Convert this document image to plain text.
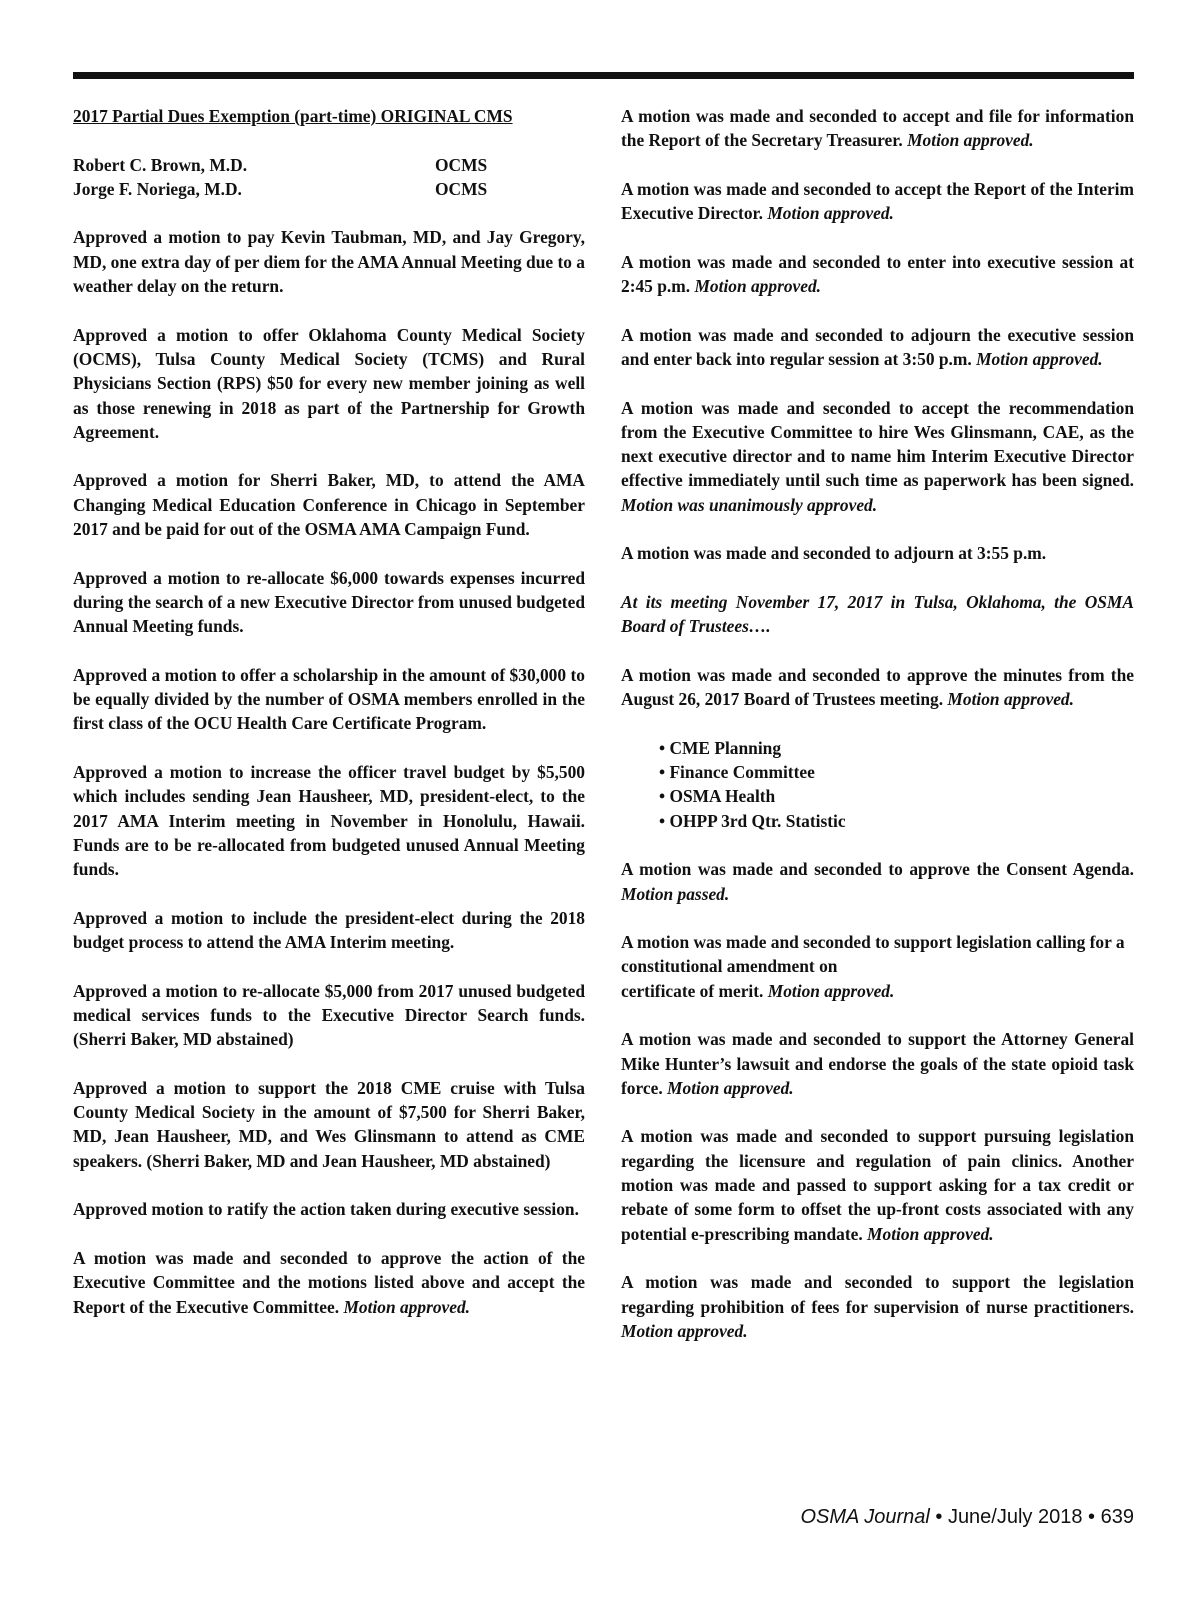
2017 Partial Dues Exemption (part-time) ORIGINAL CMS

Robert C. Brown, M.D.	OCMS
Jorge F. Noriega, M.D.	OCMS

Approved a motion to pay Kevin Taubman, MD, and Jay Gregory, MD, one extra day of per diem for the AMA Annual Meeting due to a weather delay on the return.

Approved a motion to offer Oklahoma County Medical Society (OCMS), Tulsa County Medical Society (TCMS) and Rural Physicians Section (RPS) $50 for every new member joining as well as those renewing in 2018 as part of the Partnership for Growth Agreement.

Approved a motion for Sherri Baker, MD, to attend the AMA Changing Medical Education Conference in Chicago in September 2017 and be paid for out of the OSMA AMA Campaign Fund.

Approved a motion to re-allocate $6,000 towards expenses incurred during the search of a new Executive Director from unused budgeted Annual Meeting funds.

Approved a motion to offer a scholarship in the amount of $30,000 to be equally divided by the number of OSMA members enrolled in the first class of the OCU Health Care Certificate Program.

Approved a motion to increase the officer travel budget by $5,500 which includes sending Jean Hausheer, MD, president-elect, to the 2017 AMA Interim meeting in November in Honolulu, Hawaii. Funds are to be re-allocated from budgeted unused Annual Meeting funds.

Approved a motion to include the president-elect during the 2018 budget process to attend the AMA Interim meeting.

Approved a motion to re-allocate $5,000 from 2017 unused budgeted medical services funds to the Executive Director Search funds. (Sherri Baker, MD abstained)

Approved a motion to support the 2018 CME cruise with Tulsa County Medical Society in the amount of $7,500 for Sherri Baker, MD, Jean Hausheer, MD, and Wes Glinsmann to attend as CME speakers. (Sherri Baker, MD and Jean Hausheer, MD abstained)

Approved motion to ratify the action taken during executive session.

A motion was made and seconded to approve the action of the Executive Committee and the motions listed above and accept the Report of the Executive Committee. Motion approved.

A motion was made and seconded to accept and file for information the Report of the Secretary Treasurer. Motion approved.

A motion was made and seconded to accept the Report of the Interim Executive Director. Motion approved.

A motion was made and seconded to enter into executive session at 2:45 p.m. Motion approved.

A motion was made and seconded to adjourn the executive session and enter back into regular session at 3:50 p.m. Motion approved.

A motion was made and seconded to accept the recommendation from the Executive Committee to hire Wes Glinsmann, CAE, as the next executive director and to name him Interim Executive Director effective immediately until such time as paperwork has been signed. Motion was unanimously approved.

A motion was made and seconded to adjourn at 3:55 p.m.

At its meeting November 17, 2017 in Tulsa, Oklahoma, the OSMA Board of Trustees….

A motion was made and seconded to approve the minutes from the August 26, 2017 Board of Trustees meeting. Motion approved.

• CME Planning
• Finance Committee
• OSMA Health
• OHPP 3rd Qtr. Statistic

A motion was made and seconded to approve the Consent Agenda. Motion passed.

A motion was made and seconded to support legislation calling for a constitutional amendment on
certificate of merit. Motion approved.

A motion was made and seconded to support the Attorney General Mike Hunter’s lawsuit and endorse the goals of the state opioid task force. Motion approved.

A motion was made and seconded to support pursuing legislation regarding the licensure and regulation of pain clinics. Another motion was made and passed to support asking for a tax credit or rebate of some form to offset the up-front costs associated with any potential e-prescribing mandate. Motion approved.

A motion was made and seconded to support the legislation regarding prohibition of fees for supervision of nurse practitioners. Motion approved.

OSMA Journal • June/July 2018 • 639
